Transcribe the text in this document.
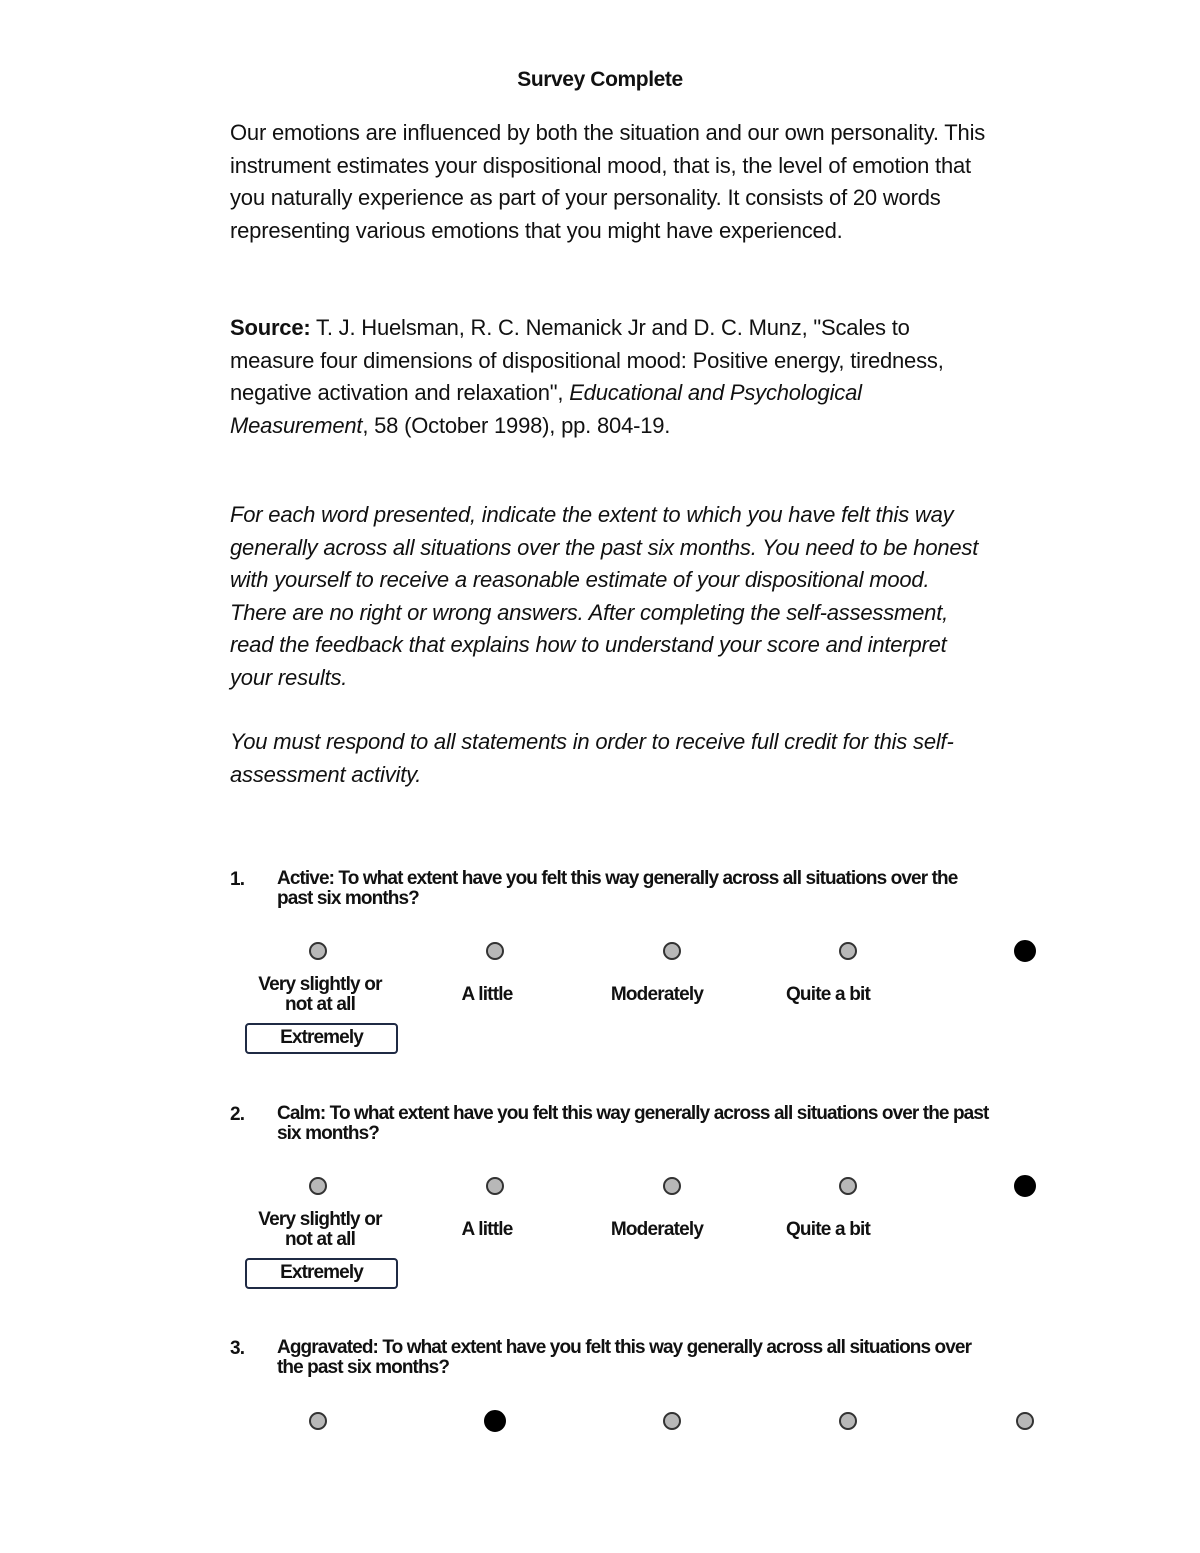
Survey Complete

Our emotions are influenced by both the situation and our own personality. This instrument estimates your dispositional mood, that is, the level of emotion that you naturally experience as part of your personality. It consists of 20 words representing various emotions that you might have experienced.

Source: T. J. Huelsman, R. C. Nemanick Jr and D. C. Munz, "Scales to measure four dimensions of dispositional mood: Positive energy, tiredness, negative activation and relaxation", Educational and Psychological Measurement, 58 (October 1998), pp. 804-19.

For each word presented, indicate the extent to which you have felt this way generally across all situations over the past six months. You need to be honest with yourself to receive a reasonable estimate of your dispositional mood. There are no right or wrong answers. After completing the self-assessment, read the feedback that explains how to understand your score and interpret your results.

You must respond to all statements in order to receive full credit for this self-assessment activity.

1. Active: To what extent have you felt this way generally across all situations over the past six months?
Very slightly or
not at all	A little	Moderately	Quite a bit
Extremely
2. Calm: To what extent have you felt this way generally across all situations over the past six months?
Very slightly or
not at all	A little	Moderately	Quite a bit
Extremely
3. Aggravated: To what extent have you felt this way generally across all situations over the past six months?
